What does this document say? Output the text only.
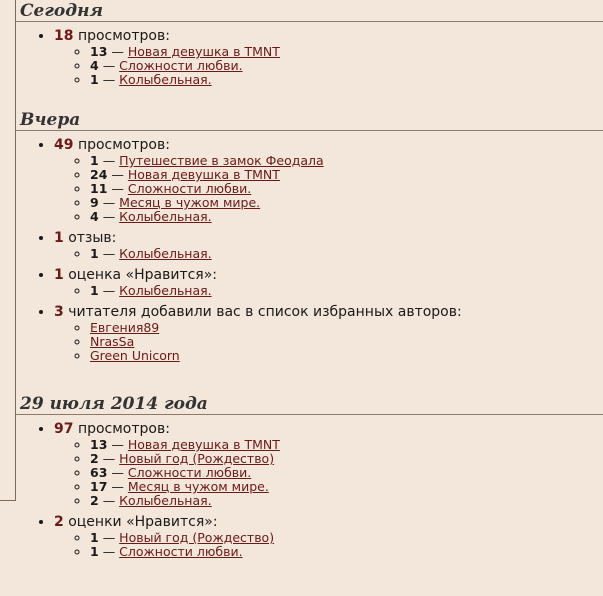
Сегодня
• 18 просмотров:
◦ 13 — Новая девушка в TMNT
◦ 4 — Сложности любви.
◦ 1 — Колыбельная.
Вчера
• 49 просмотров:
◦ 1 — Путешествие в замок Феодала
◦ 24 — Новая девушка в TMNT
◦ 11 — Сложности любви.
◦ 9 — Месяц в чужом мире.
◦ 4 — Колыбельная.
• 1 отзыв:
◦ 1 — Колыбельная.
• 1 оценка «Нравится»:
◦ 1 — Колыбельная.
• 3 читателя добавили вас в список избранных авторов:
◦ Евгения89
◦ NrasSa
◦ Green Unicorn
29 июля 2014 года
• 97 просмотров:
◦ 13 — Новая девушка в TMNT
◦ 2 — Новый год (Рождество)
◦ 63 — Сложности любви.
◦ 17 — Месяц в чужом мире.
◦ 2 — Колыбельная.
• 2 оценки «Нравится»:
◦ 1 — Новый год (Рождество)
◦ 1 — Сложности любви.
